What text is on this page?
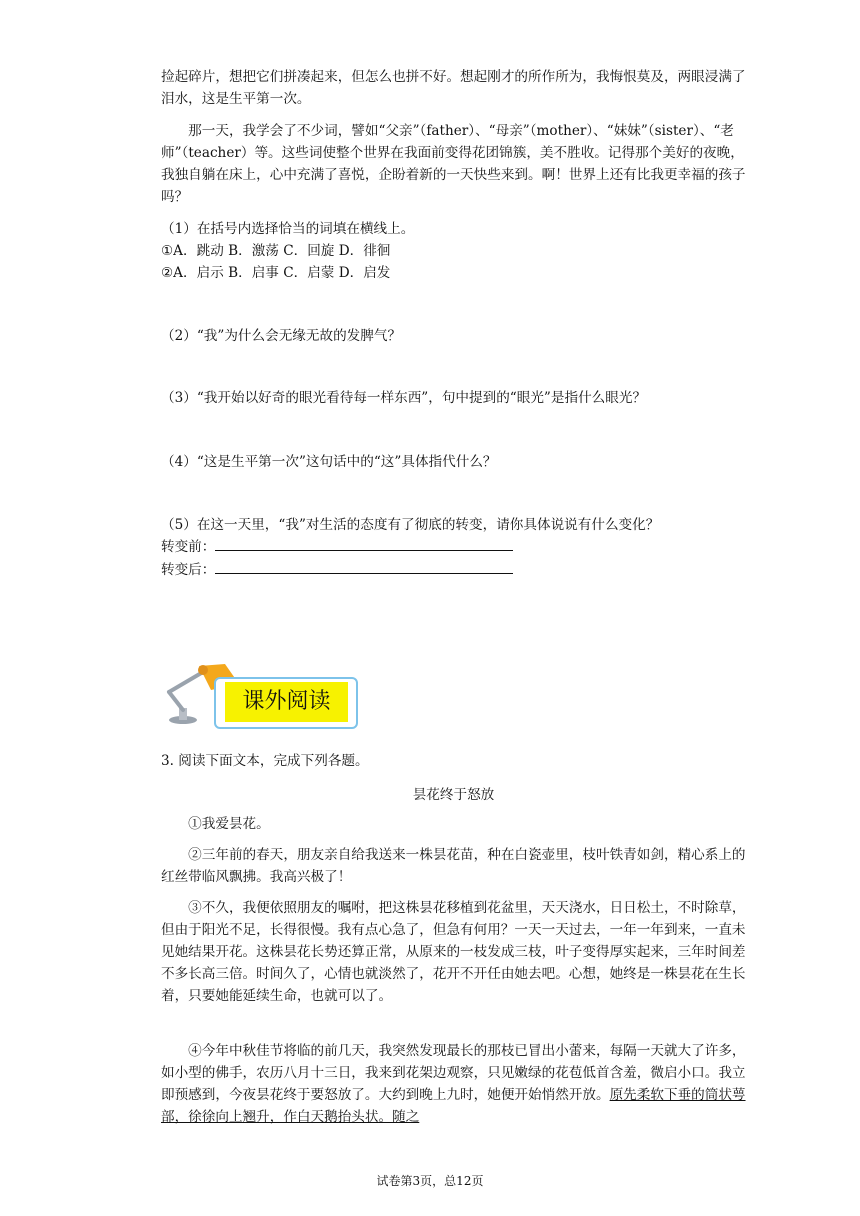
捡起碎片，想把它们拼凑起来，但怎么也拼不好。想起刚才的所作所为，我悔恨莫及，两眼浸满了泪水，这是生平第一次。
　　那一天，我学会了不少词，譬如“父亲”（father）、“母亲”（mother）、“妹妹”（sister）、“老师”（teacher）等。这些词使整个世界在我面前变得花团锦簇，美不胜收。记得那个美好的夜晚，我独自躺在床上，心中充满了喜悦，企盼着新的一天快些来到。啊！世界上还有比我更幸福的孩子吗？
（1）在括号内选择恰当的词填在横线上。
①A．跳动 B．激荡 C．回旋 D．徘徊
②A．启示 B．启事 C．启蒙 D．启发
（2）“我”为什么会无缘无故的发脾气？
（3）“我开始以好奇的眼光看待每一样东西”，句中提到的“眼光”是指什么眼光？
（4）“这是生平第一次”这句话中的“这”具体指代什么？
（5）在这一天里，“我”对生活的态度有了彻底的转变，请你具体说说有什么变化？
转变前：
转变后：
课外阅读
3. 阅读下面文本，完成下列各题。
昙花终于怒放
　　①我爱昙花。
　　②三年前的春天，朋友亲自给我送来一株昙花苗，种在白瓷壶里，枝叶铁青如剑，精心系上的红丝带临风飘拂。我高兴极了！
　　③不久，我便依照朋友的嘱咐，把这株昙花移植到花盆里，天天浇水，日日松土，不时除草，但由于阳光不足，长得很慢。我有点心急了，但急有何用？一天一天过去，一年一年到来，一直未见她结果开花。这株昙花长势还算正常，从原来的一枝发成三枝，叶子变得厚实起来，三年时间差不多长高三倍。时间久了，心情也就淡然了，花开不开任由她去吧。心想，她终是一株昙花在生长着，只要她能延续生命，也就可以了。
　　④今年中秋佳节将临的前几天，我突然发现最长的那枝已冒出小蕾来，每隔一天就大了许多，如小型的佛手，农历八月十三日，我来到花架边观察，只见嫩绿的花苞低首含羞，微启小口。我立即预感到，今夜昙花终于要怒放了。大约到晚上九时，她便开始悄然开放。原先柔软下垂的筒状萼部，徐徐向上翘升，作白天鹅抬头状。随之
试卷第3页，总12页
